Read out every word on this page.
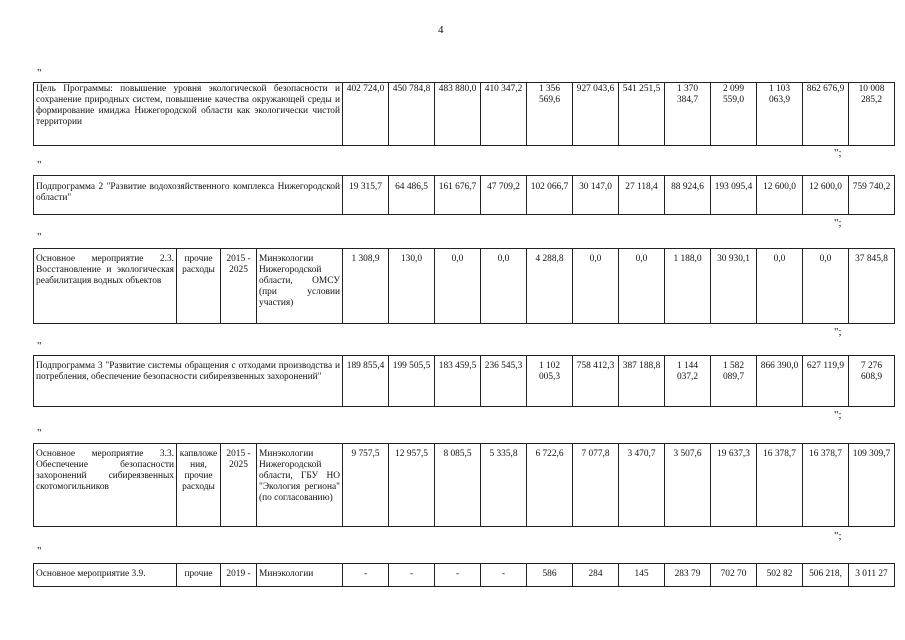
4
"
Цель Программы: повышение уровня экологической безопасности и сохранение природных систем, повышение качества окружающей среды и формирование имиджа Нижегородской области как экологически чистой территории	402 724,0	450 784,8	483 880,0	410 347,2	1 356 569,6	927 043,6	541 251,5	1 370 384,7	2 099 559,0	1 103 063,9	862 676,9	10 008 285,2
";
"
Подпрограмма 2 "Развитие водохозяйственного комплекса Нижегородской области"	19 315,7	64 486,5	161 676,7	47 709,2	102 066,7	30 147,0	27 118,4	88 924,6	193 095,4	12 600,0	12 600,0	759 740,2
";
"
Основное мероприятие 2.3. Восстановление и экологическая реабилитация водных объектов	прочие расходы	2015 - 2025	Минэкологии Нижегородской области, ОМСУ (при условии участия)	1 308,9	130,0	0,0	0,0	4 288,8	0,0	0,0	1 188,0	30 930,1	0,0	0,0	37 845,8
";
"
Подпрограмма 3 "Развитие системы обращения с отходами производства и потребления, обеспечение безопасности сибиреязвенных захоронений"	189 855,4	199 505,5	183 459,5	236 545,3	1 102 005,3	758 412,3	387 188,8	1 144 037,2	1 582 089,7	866 390,0	627 119,9	7 276 608,9
";
"
Основное мероприятие 3.3. Обеспечение безопасности захоронений сибиреязвенных скотомогильников	капвложения, прочие расходы	2015 - 2025	Минэкологии Нижегородской области, ГБУ НО "Экология региона" (по согласованию)	9 757,5	12 957,5	8 085,5	5 335,8	6 722,6	7 077,8	3 470,7	3 507,6	19 637,3	16 378,7	16 378,7	109 309,7
";
"
Основное мероприятие 3.9.	прочие	2019 -	Минэкологии	-	-	-	-	586	284	145	283 79	702 70	502 82	506 218,	3 011 27
